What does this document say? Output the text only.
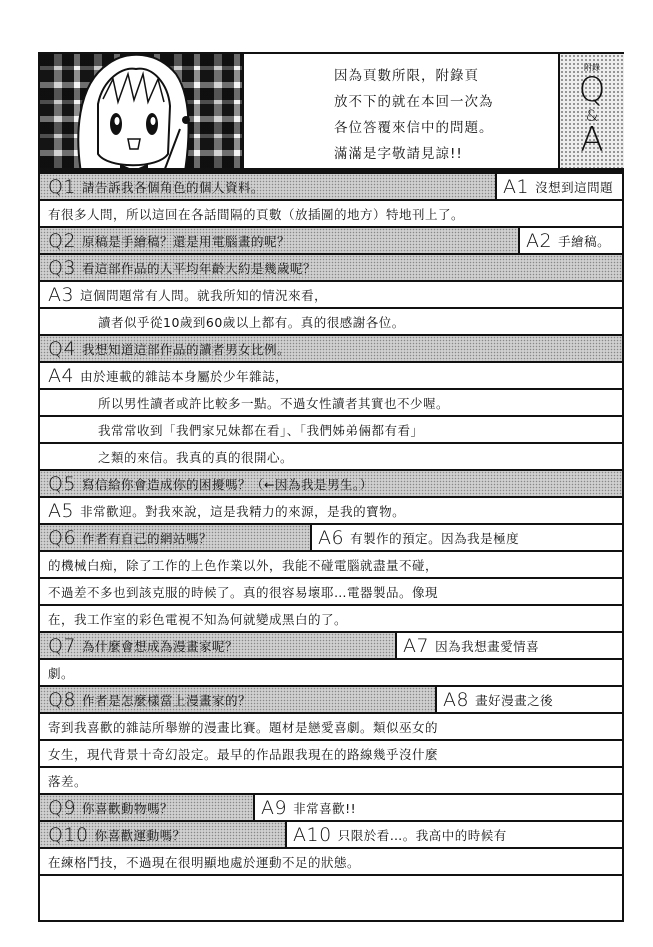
因為頁數所限，附錄頁

放不下的就在本回一次為

各位答覆來信中的問題。

滿滿是字敬請見諒!!

附錄
Q
&
A
Q1 請告訴我各個角色的個人資料。	A1 沒想到這問題
有很多人問，所以這回在各話間隔的頁數（放插圖的地方）特地刊上了。
Q2 原稿是手繪稿？還是用電腦畫的呢？	A2 手繪稿。
Q3 看這部作品的人平均年齡大約是幾歲呢？
A3 這個問題常有人問。就我所知的情況來看，
讀者似乎從10歲到60歲以上都有。真的很感謝各位。
Q4 我想知道這部作品的讀者男女比例。
A4 由於連載的雜誌本身屬於少年雜誌，
所以男性讀者或許比較多一點。不過女性讀者其實也不少喔。
我常常收到「我們家兄妹都在看」、「我們姊弟倆都有看」
之類的來信。我真的真的很開心。
Q5 寫信給你會造成你的困擾嗎？（←因為我是男生。）
A5 非常歡迎。對我來說，這是我精力的來源，是我的寶物。
Q6 作者有自己的網站嗎？	A6 有製作的預定。因為我是極度
的機械白痴，除了工作的上色作業以外，我能不碰電腦就盡量不碰，
不過差不多也到該克服的時候了。真的很容易壞耶…電器製品。像現
在，我工作室的彩色電視不知為何就變成黑白的了。
Q7 為什麼會想成為漫畫家呢？	A7 因為我想畫愛情喜
劇。
Q8 作者是怎麼樣當上漫畫家的？	A8 畫好漫畫之後
寄到我喜歡的雜誌所舉辦的漫畫比賽。題材是戀愛喜劇。類似巫女的
女生，現代背景十奇幻設定。最早的作品跟我現在的路線幾乎沒什麼
落差。
Q9 你喜歡動物嗎？	A9 非常喜歡!!
Q10 你喜歡運動嗎？	A10 只限於看…。我高中的時候有
在練格鬥技，不過現在很明顯地處於運動不足的狀態。
